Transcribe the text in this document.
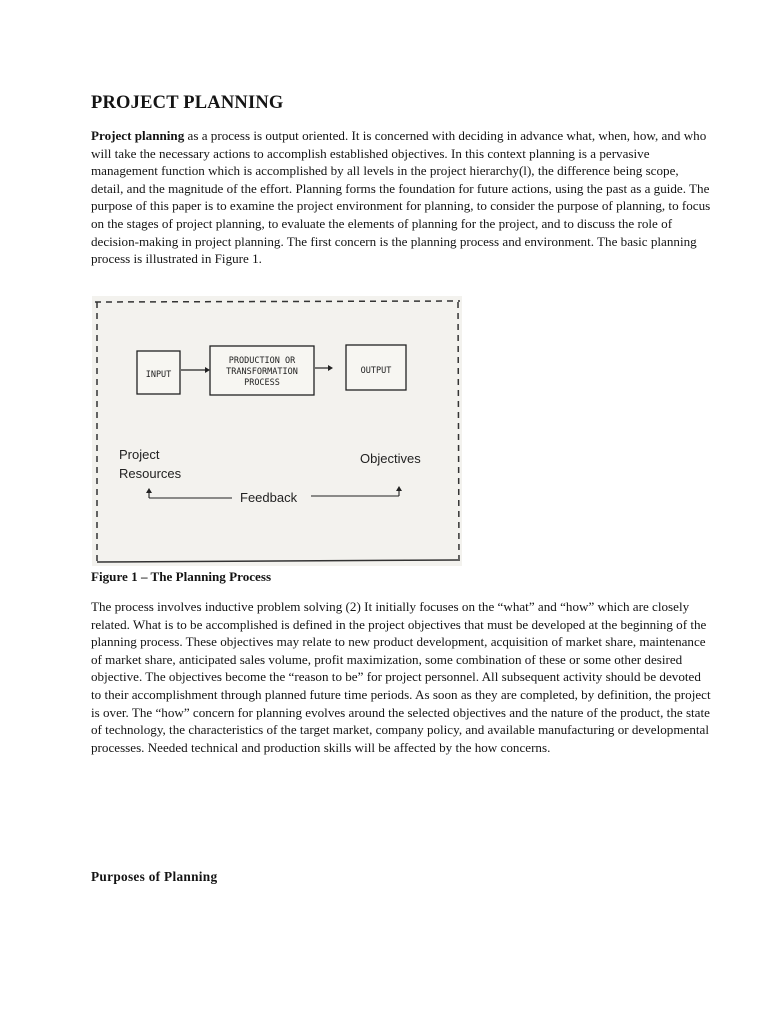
PROJECT PLANNING

Project planning as a process is output oriented. It is concerned with deciding in advance what, when, how, and who will take the necessary actions to accomplish established objectives. In this context planning is a pervasive management function which is accomplished by all levels in the project hierarchy(l), the difference being scope, detail, and the magnitude of the effort. Planning forms the foundation for future actions, using the past as a guide. The purpose of this paper is to examine the project environment for planning, to consider the purpose of planning, to focus on the stages of project planning, to evaluate the elements of planning for the project, and to discuss the role of decision-making in project planning. The first concern is the planning process and environment. The basic planning process is illustrated in Figure 1.

INPUT
PRODUCTION OR
TRANSFORMATION
PROCESS
OUTPUT
Project
Resources
Objectives
Feedback

Figure 1 – The Planning Process

The process involves inductive problem solving (2) It initially focuses on the “what” and “how” which are closely related. What is to be accomplished is defined in the project objectives that must be developed at the beginning of the planning process. These objectives may relate to new product development, acquisition of market share, maintenance of market share, anticipated sales volume, profit maximization, some combination of these or some other desired objective. The objectives become the “reason to be” for project personnel. All subsequent activity should be devoted to their accomplishment through planned future time periods. As soon as they are completed, by definition, the project is over. The “how” concern for planning evolves around the selected objectives and the nature of the product, the state of technology, the characteristics of the target market, company policy, and available manufacturing or developmental processes. Needed technical and production skills will be affected by the how concerns.

Purposes of Planning
